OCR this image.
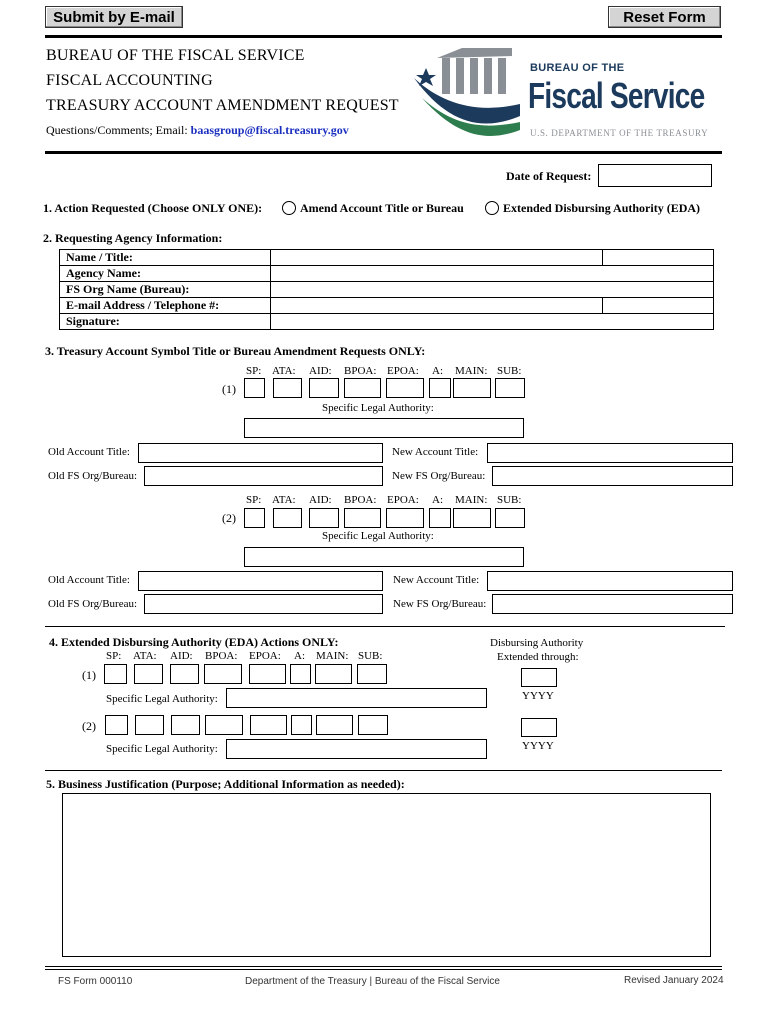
Submit by E-mail	Reset Form
BUREAU OF THE FISCAL SERVICE
FISCAL ACCOUNTING
TREASURY ACCOUNT AMENDMENT REQUEST
Questions/Comments; Email: baasgroup@fiscal.treasury.gov
BUREAU OF THE
Fiscal Service
U.S. DEPARTMENT OF THE TREASURY
Date of Request:
1. Action Requested (Choose ONLY ONE):	Amend Account Title or Bureau	Extended Disbursing Authority (EDA)
2. Requesting Agency Information:
Name / Title:		
Agency Name:		
FS Org Name (Bureau):		
E-mail Address / Telephone #:		
Signature:		
3. Treasury Account Symbol Title or Bureau Amendment Requests ONLY:
SP: ATA: AID: BPOA: EPOA: A: MAIN: SUB:
(1)
Specific Legal Authority:
Old Account Title:	New Account Title:
Old FS Org/Bureau:	New FS Org/Bureau:
SP: ATA: AID: BPOA: EPOA: A: MAIN: SUB:
(2)
Specific Legal Authority:
Old Account Title:	New Account Title:
Old FS Org/Bureau:	New FS Org/Bureau:
4. Extended Disbursing Authority (EDA) Actions ONLY:	Disbursing Authority
Extended through:
SP: ATA: AID: BPOA: EPOA: A: MAIN: SUB:
(1)
Specific Legal Authority:	YYYY
(2)
Specific Legal Authority:	YYYY
5. Business Justification (Purpose; Additional Information as needed):
FS Form 000110	Department of the Treasury | Bureau of the Fiscal Service	Revised January 2024
